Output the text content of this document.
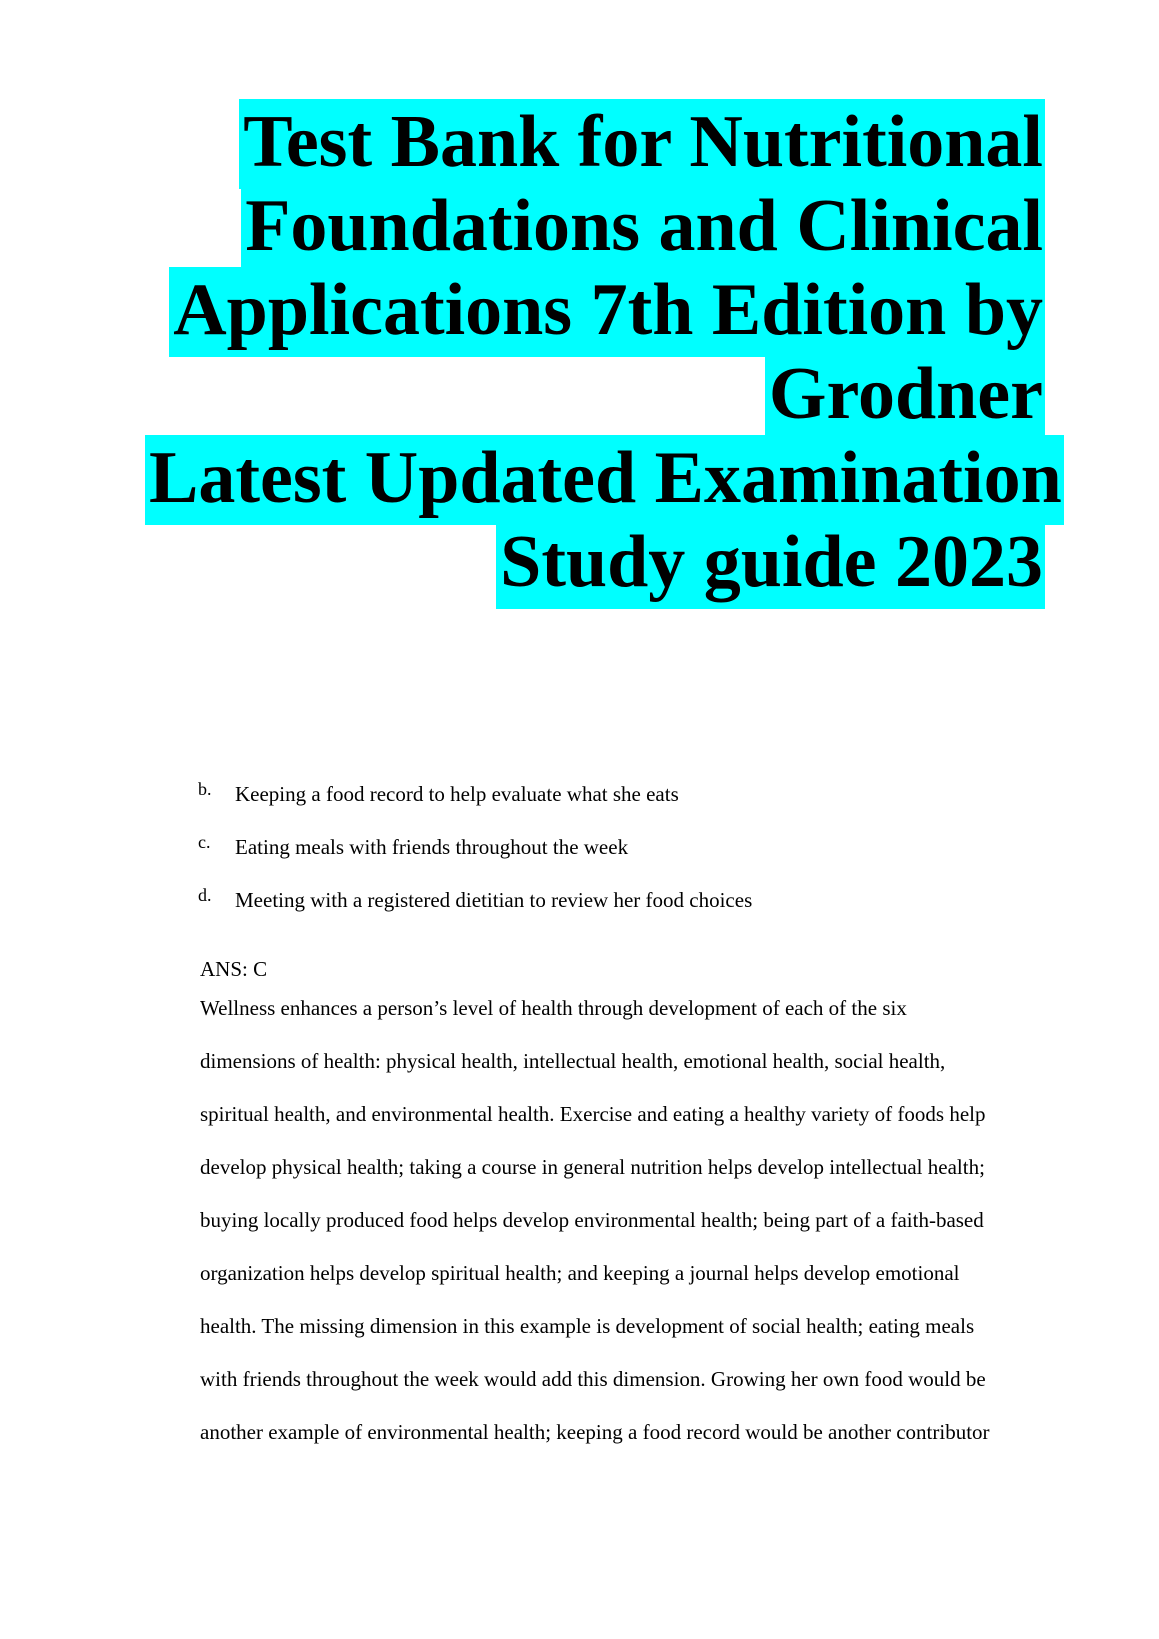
Test Bank for Nutritional
Foundations and Clinical
Applications 7th Edition by
Grodner
Latest Updated Examination
Study guide 2023
b. Keeping a food record to help evaluate what she eats
c. Eating meals with friends throughout the week
d. Meeting with a registered dietitian to review her food choices
ANS: C
Wellness enhances a person’s level of health through development of each of the six
dimensions of health: physical health, intellectual health, emotional health, social health,
spiritual health, and environmental health. Exercise and eating a healthy variety of foods help
develop physical health; taking a course in general nutrition helps develop intellectual health;
buying locally produced food helps develop environmental health; being part of a faith-based
organization helps develop spiritual health; and keeping a journal helps develop emotional
health. The missing dimension in this example is development of social health; eating meals
with friends throughout the week would add this dimension. Growing her own food would be
another example of environmental health; keeping a food record would be another contributor
